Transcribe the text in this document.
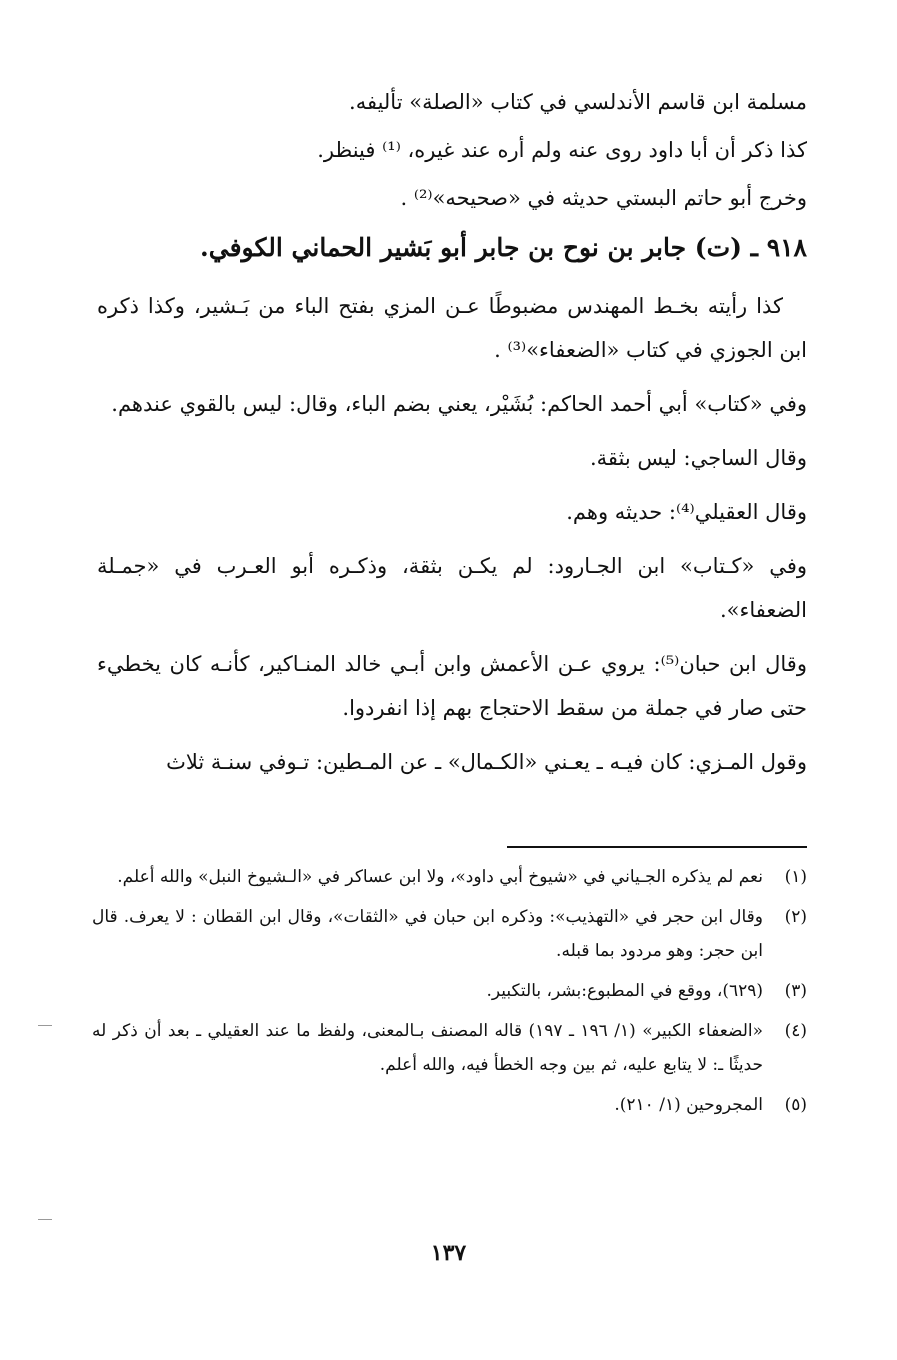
مسلمة ابن قاسم الأندلسي في كتاب «الصلة» تأليفه.

كذا ذكر أن أبا داود روى عنه ولم أره عند غيره، ⁽¹⁾ فينظر.

وخرج أبو حاتم البستي حديثه في «صحيحه»⁽²⁾ .

٩١٨ ـ (ت) جابر بن نوح بن جابر أبو بَشير الحماني الكوفي.

كذا رأيته بخـط المهندس مضبوطًا عـن المزي بفتح الباء من بَـشير، وكذا ذكره ابن الجوزي في كتاب «الضعفاء»⁽³⁾ .

وفي «كتاب» أبي أحمد الحاكم: بُشَيْر، يعني بضم الباء، وقال: ليس بالقوي عندهم.

وقال الساجي: ليس بثقة.

وقال العقيلي⁽⁴⁾: حديثه وهم.

وفي «كـتاب» ابن الجـارود: لم يكـن بثقة، وذكـره أبو العـرب في «جمـلة الضعفاء».

وقال ابن حبان⁽⁵⁾: يروي عـن الأعمش وابن أبـي خالد المنـاكير، كأنـه كان يخطيء حتى صار في جملة من سقط الاحتجاج بهم إذا انفردوا.

وقول المـزي: كان فيـه ـ يعـني «الكـمال» ـ عن المـطين: تـوفي سنـة ثلاث

(١)
نعم لم يذكره الجـياني في «شيوخ أبي داود»، ولا ابن عساكر في «الـشيوخ النبل» والله أعلم.
(٢)
وقال ابن حجر في «التهذيب»: وذكره ابن حبان في «الثقات»، وقال ابن القطان : لا يعرف. قال ابن حجر: وهو مردود بما قبله.
(٣)
(٦٢٩)، ووقع في المطبوع:بشر، بالتكبير.
(٤)
«الضعفاء الكبير» (١/ ١٩٦ ـ ١٩٧) قاله المصنف بـالمعنى، ولفظ ما عند العقيلي ـ بعد أن ذكر له حديثًا ـ: لا يتابع عليه، ثم بين وجه الخطأ فيه، والله أعلم.
(٥)
المجروحين (١/ ٢١٠).
١٣٧
